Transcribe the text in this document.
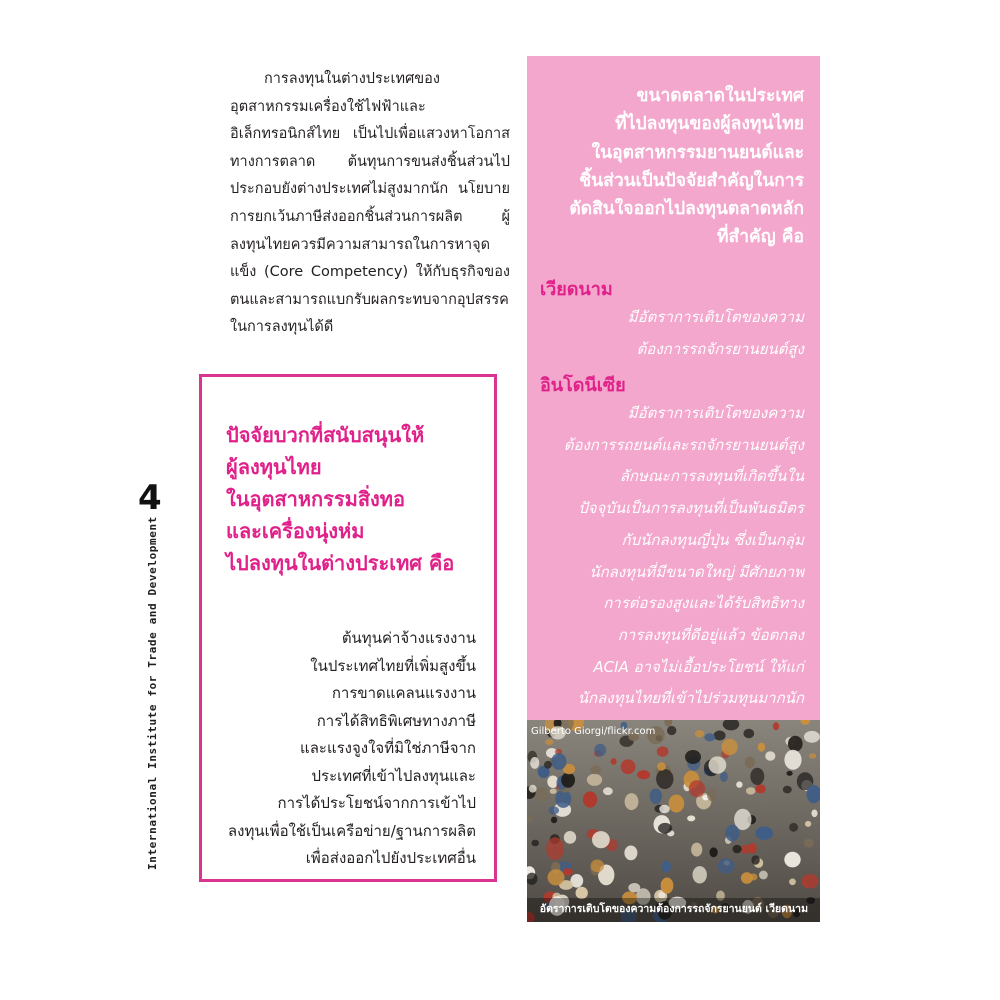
การลงทุนในต่างประเทศของอุตสาหกรรมเครื่องใช้ไฟฟ้าและอิเล็กทรอนิกส์ไทย เป็นไปเพื่อแสวงหาโอกาสทางการตลาด ต้นทุนการขนส่งชิ้นส่วนไปประกอบยังต่างประเทศไม่สูงมากนัก นโยบายการยกเว้นภาษีส่งออกชิ้นส่วนการผลิต ผู้ลงทุนไทยควรมีความสามารถในการหาจุดแข็ง (Core Competency) ให้กับธุรกิจของตนและสามารถแบกรับผลกระทบจากอุปสรรคในการลงทุนได้ดี

4
International Institute for Trade and Development
ปัจจัยบวกที่สนับสนุนให้
ผู้ลงทุนไทย
ในอุตสาหกรรมสิ่งทอ
และเครื่องนุ่งห่ม
ไปลงทุนในต่างประเทศ คือ
ต้นทุนค่าจ้างแรงงาน
ในประเทศไทยที่เพิ่มสูงขึ้น
การขาดแคลนแรงงาน
การได้สิทธิพิเศษทางภาษี
และแรงจูงใจที่มิใช่ภาษีจาก
ประเทศที่เข้าไปลงทุนและ
การได้ประโยชน์จากการเข้าไป
ลงทุนเพื่อใช้เป็นเครือข่าย/ฐานการผลิต
เพื่อส่งออกไปยังประเทศอื่น
ขนาดตลาดในประเทศ
ที่ไปลงทุนของผู้ลงทุนไทย
ในอุตสาหกรรมยานยนต์และ
ชิ้นส่วนเป็นปัจจัยสำคัญในการ
ตัดสินใจออกไปลงทุนตลาดหลัก
ที่สำคัญ คือ
เวียดนาม
มีอัตราการเติบโตของความ
ต้องการรถจักรยานยนต์สูง
อินโดนีเซีย
มีอัตราการเติบโตของความ
ต้องการรถยนต์และรถจักรยานยนต์สูง
ลักษณะการลงทุนที่เกิดขึ้นใน
ปัจจุบันเป็นการลงทุนที่เป็นพันธมิตร
กับนักลงทุนญี่ปุ่น ซึ่งเป็นกลุ่ม
นักลงทุนที่มีขนาดใหญ่ มีศักยภาพ
การต่อรองสูงและได้รับสิทธิทาง
การลงทุนที่ดีอยู่แล้ว ข้อตกลง
ACIA อาจไม่เอื้อประโยชน์ ให้แก่
นักลงทุนไทยที่เข้าไปร่วมทุนมากนัก
Gilberto Giorgi/flickr.com
อัตราการเติบโตของความต้องการรถจักรยานยนต์ เวียดนาม
